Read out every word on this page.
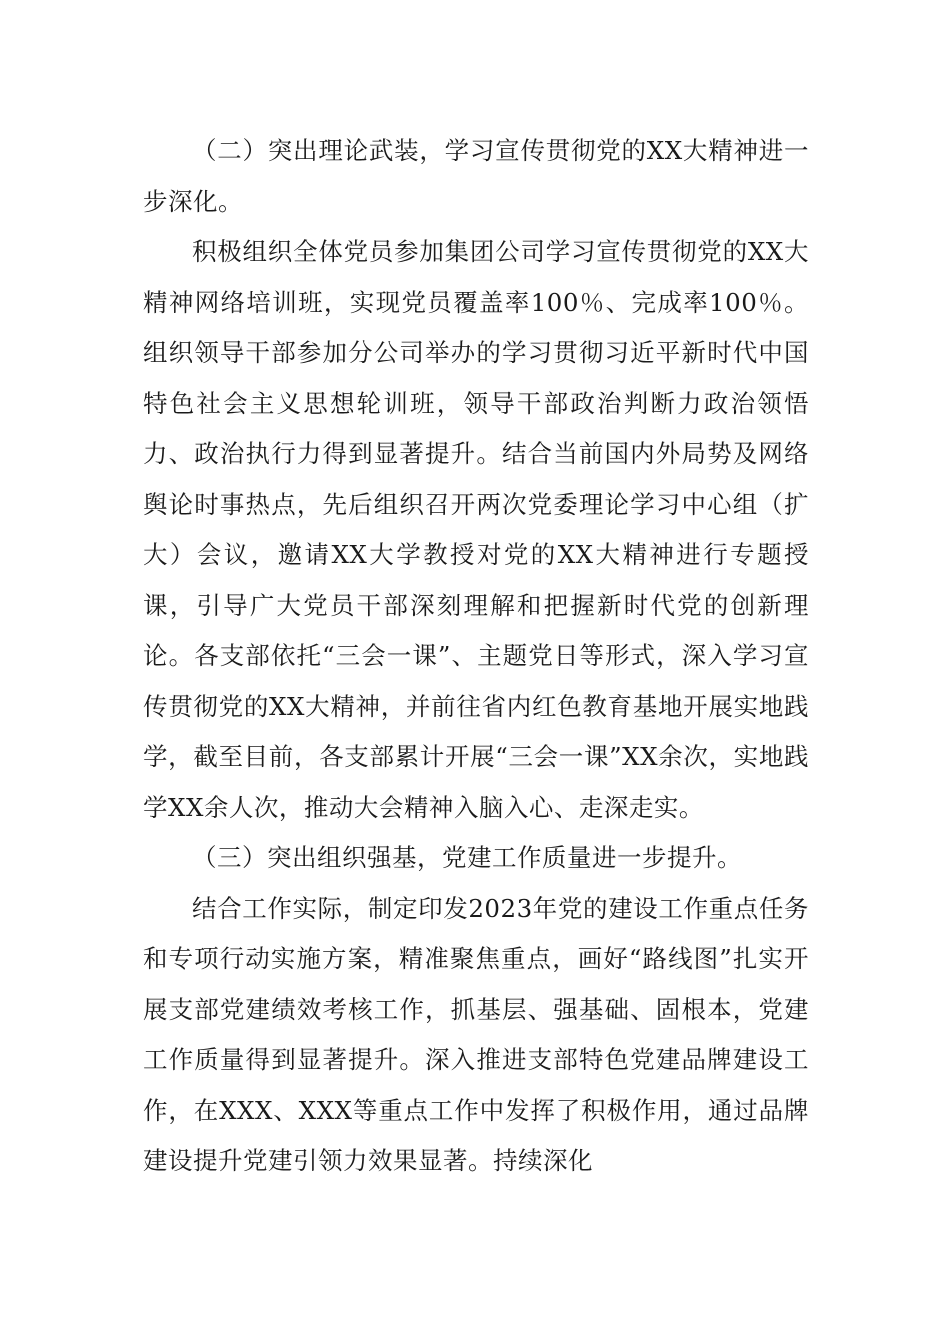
（二）突出理论武装，学习宣传贯彻党的XX大精神进一步深化。

积极组织全体党员参加集团公司学习宣传贯彻党的XX大精神网络培训班，实现党员覆盖率100％、完成率100％。组织领导干部参加分公司举办的学习贯彻习近平新时代中国特色社会主义思想轮训班，领导干部政治判断力政治领悟力、政治执行力得到显著提升。结合当前国内外局势及网络舆论时事热点，先后组织召开两次党委理论学习中心组（扩大）会议，邀请XX大学教授对党的XX大精神进行专题授课，引导广大党员干部深刻理解和把握新时代党的创新理论。各支部依托“三会一课”、主题党日等形式，深入学习宣传贯彻党的XX大精神，并前往省内红色教育基地开展实地践学，截至目前，各支部累计开展“三会一课”XX余次，实地践学XX余人次，推动大会精神入脑入心、走深走实。

（三）突出组织强基，党建工作质量进一步提升。

结合工作实际，制定印发2023年党的建设工作重点任务和专项行动实施方案，精准聚焦重点，画好“路线图”扎实开展支部党建绩效考核工作，抓基层、强基础、固根本，党建工作质量得到显著提升。深入推进支部特色党建品牌建设工作，在XXX、XXX等重点工作中发挥了积极作用，通过品牌建设提升党建引领力效果显著。持续深化
